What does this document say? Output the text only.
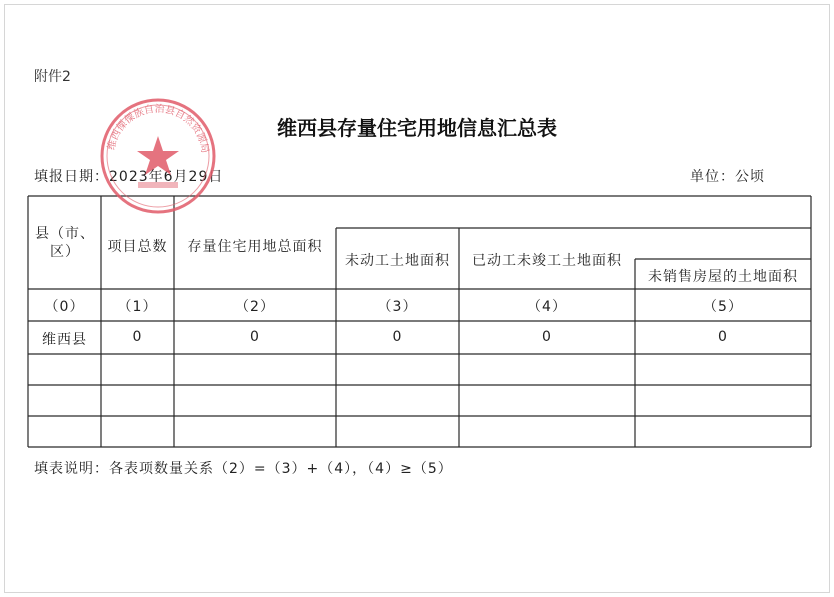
附件2
维西县存量住宅用地信息汇总表
填报日期：2023年6月29日	单位：公顷
县（市、区）	项目总数	存量住宅用地总面积
未动工土地面积	已动工未竣工土地面积
未销售房屋的土地面积
（0）	（1）	（2）	（3）	（4）	（5）
维西县	0	0	0	0	0
填表说明：各表项数量关系（2）=（3）+（4），（4）≥（5）
维西傈僳族自治县自然资源局
